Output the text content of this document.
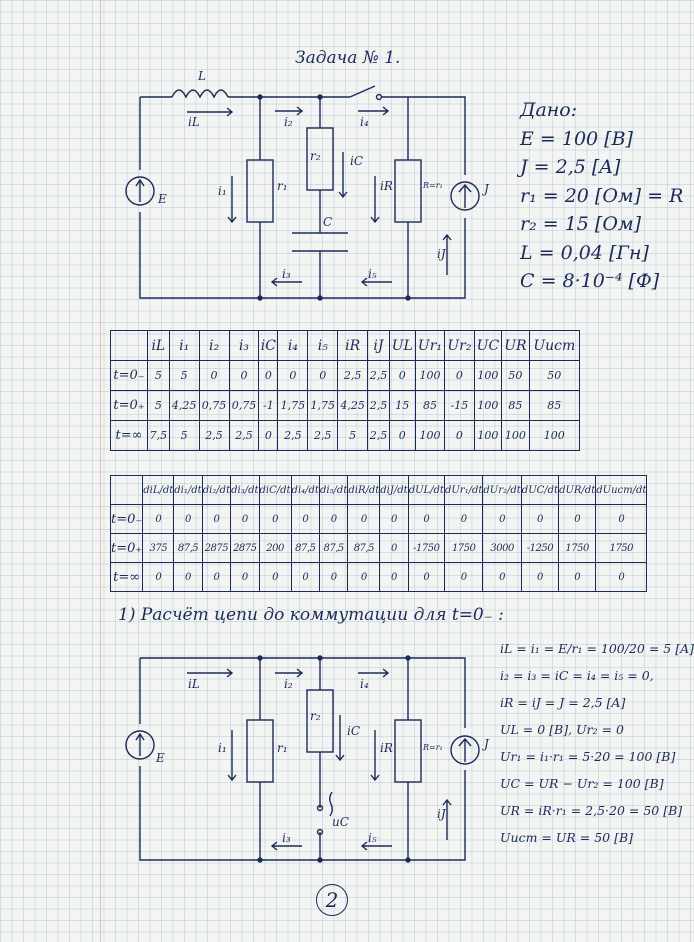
Задача № 1.
Дано:
E = 100 [B]
J = 2,5 [A]
r₁ = 20 [Ом] = R
r₂ = 15 [Ом]
L = 0,04 [Гн]
C = 8·10⁻⁴ [Ф]
L
iL	i₂	i₄
r₂ iC
i₁	r₁
E
iR	R=r₁	J
iJ
C
i₃	i₅
iL	i₂	i₄
r₂
iC
i₁	r₁
E
iR	R=r₁	J
iJ
uC
i₃	i₅
	iL	i₁	i₂	i₃	iC	i₄	i₅	iR	iJ	UL	Ur₁	Ur₂	UC	UR	Uист
t=0₋	5	5	0	0	0	0	0	2,5	2,5	0	100	0	100	50	50
t=0₊	5	4,25	0,75	0,75	-1	1,75	1,75	4,25	2,5	15	85	-15	100	85	85
t=∞	7,5	5	2,5	2,5	0	2,5	2,5	5	2,5	0	100	0	100	100	100
	diL/dt	di₁/dt	di₂/dt	di₃/dt	diC/dt	di₄/dt	di₅/dt	diR/dt	diJ/dt	dUL/dt	dUr₁/dt	dUr₂/dt	dUC/dt	dUR/dt	dUист/dt
t=0₋	0	0	0	0	0	0	0	0	0	0	0	0	0	0	0
t=0₊	375	87,5	2875	2875	200	87,5	87,5	87,5	0	-1750	1750	3000	-1250	1750	1750
t=∞	0	0	0	0	0	0	0	0	0	0	0	0	0	0	0
1) Расчёт цепи до коммутации для t=0₋ :
iL = i₁ = E/r₁ = 100/20 = 5 [A]
i₂ = i₃ = iC = i₄ = i₅ = 0,
iR = iJ = J = 2,5 [A]
UL = 0 [B], Ur₂ = 0
Ur₁ = i₁·r₁ = 5·20 = 100 [B]
UC = UR − Ur₂ = 100 [B]
UR = iR·r₁ = 2,5·20 = 50 [B]
Uист = UR = 50 [B]
2
